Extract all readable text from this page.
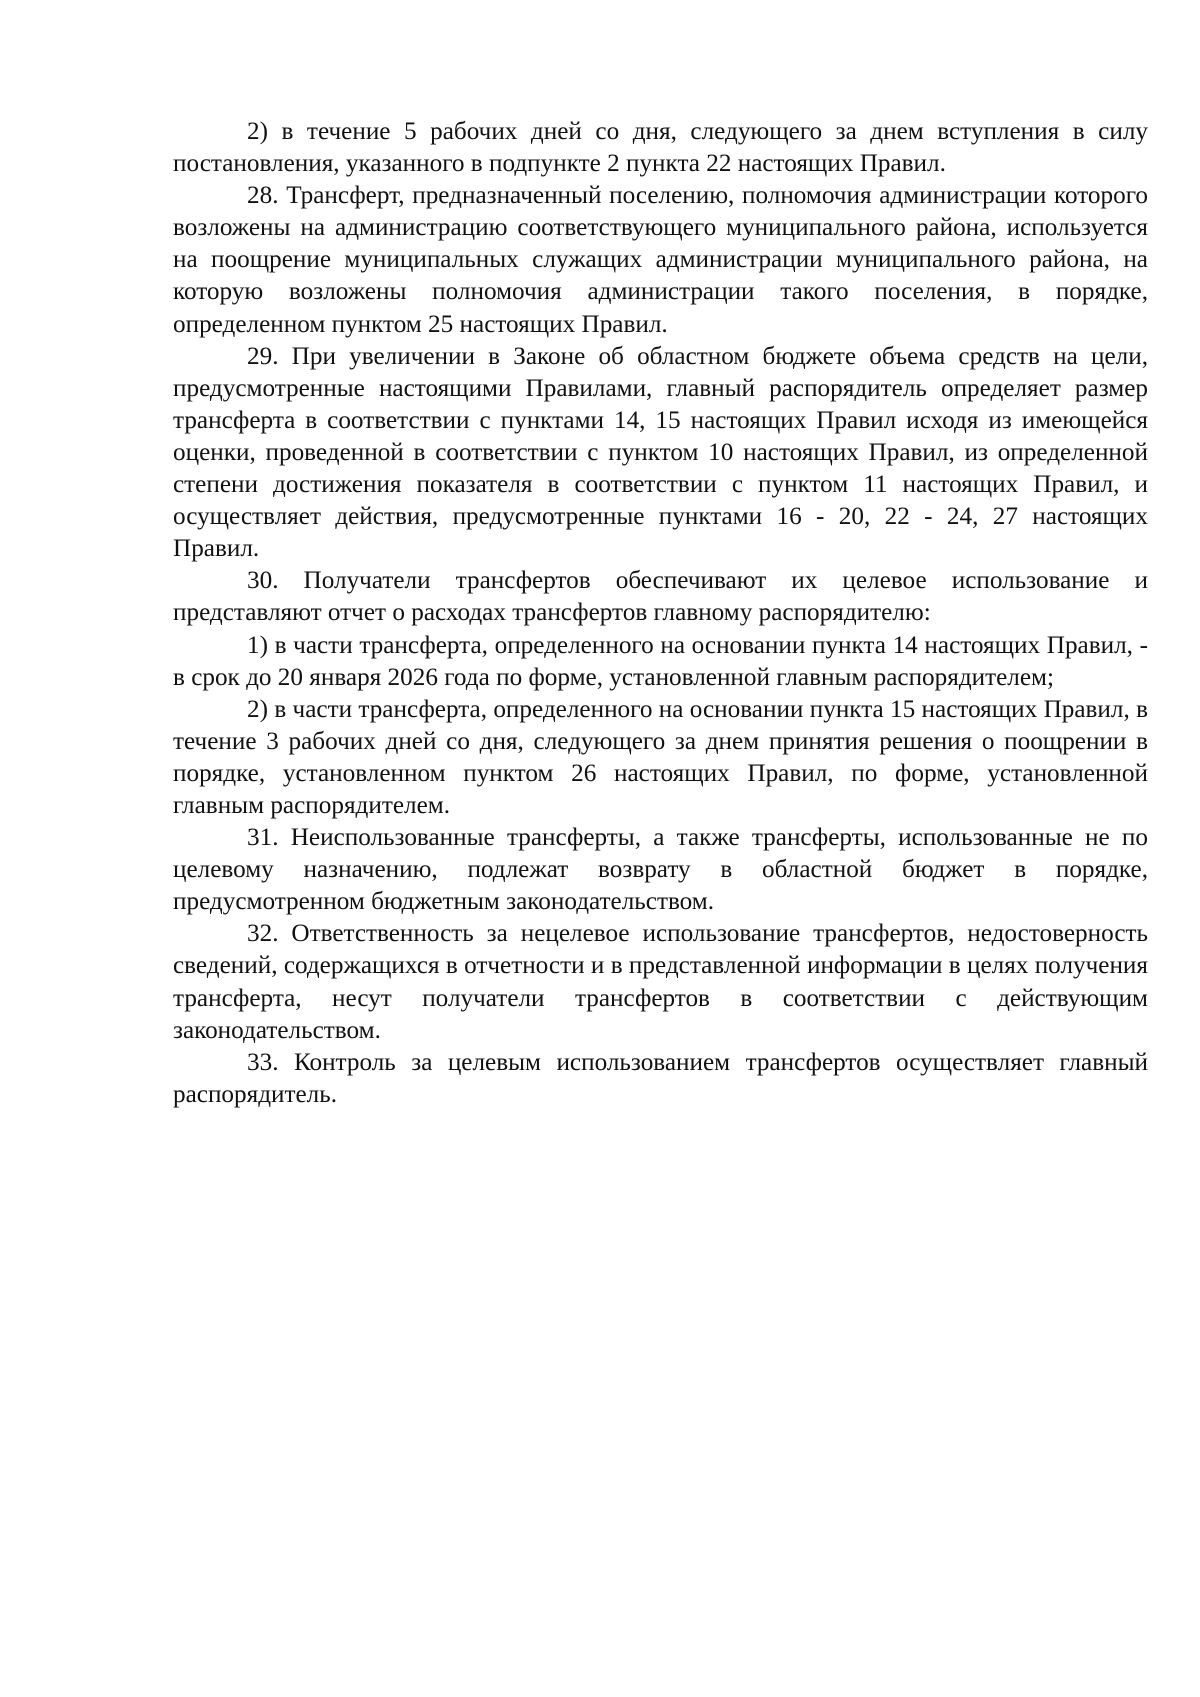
2) в течение 5 рабочих дней со дня, следующего за днем вступления в силу постановления, указанного в подпункте 2 пункта 22 настоящих Правил.

28. Трансферт, предназначенный поселению, полномочия администрации которого возложены на администрацию соответствующего муниципального района, используется на поощрение муниципальных служащих администрации муниципального района, на которую возложены полномочия администрации такого поселения, в порядке, определенном пунктом 25 настоящих Правил.

29. При увеличении в Законе об областном бюджете объема средств на цели, предусмотренные настоящими Правилами, главный распорядитель определяет размер трансферта в соответствии с пунктами 14, 15 настоящих Правил исходя из имеющейся оценки, проведенной в соответствии с пунктом 10 настоящих Правил, из определенной степени достижения показателя в соответствии с пунктом 11 настоящих Правил, и осуществляет действия, предусмотренные пунктами 16 - 20, 22 - 24, 27 настоящих Правил.

30. Получатели трансфертов обеспечивают их целевое использование и представляют отчет о расходах трансфертов главному распорядителю:

1) в части трансферта, определенного на основании пункта 14 настоящих Правил, - в срок до 20 января 2026 года по форме, установленной главным распорядителем;

2) в части трансферта, определенного на основании пункта 15 настоящих Правил, в течение 3 рабочих дней со дня, следующего за днем принятия решения о поощрении в порядке, установленном пунктом 26 настоящих Правил, по форме, установленной главным распорядителем.

31. Неиспользованные трансферты, а также трансферты, использованные не по целевому назначению, подлежат возврату в областной бюджет в порядке, предусмотренном бюджетным законодательством.

32. Ответственность за нецелевое использование трансфертов, недостоверность сведений, содержащихся в отчетности и в представленной информации в целях получения трансферта, несут получатели трансфертов в соответствии с действующим законодательством.

33. Контроль за целевым использованием трансфертов осуществляет главный распорядитель.
